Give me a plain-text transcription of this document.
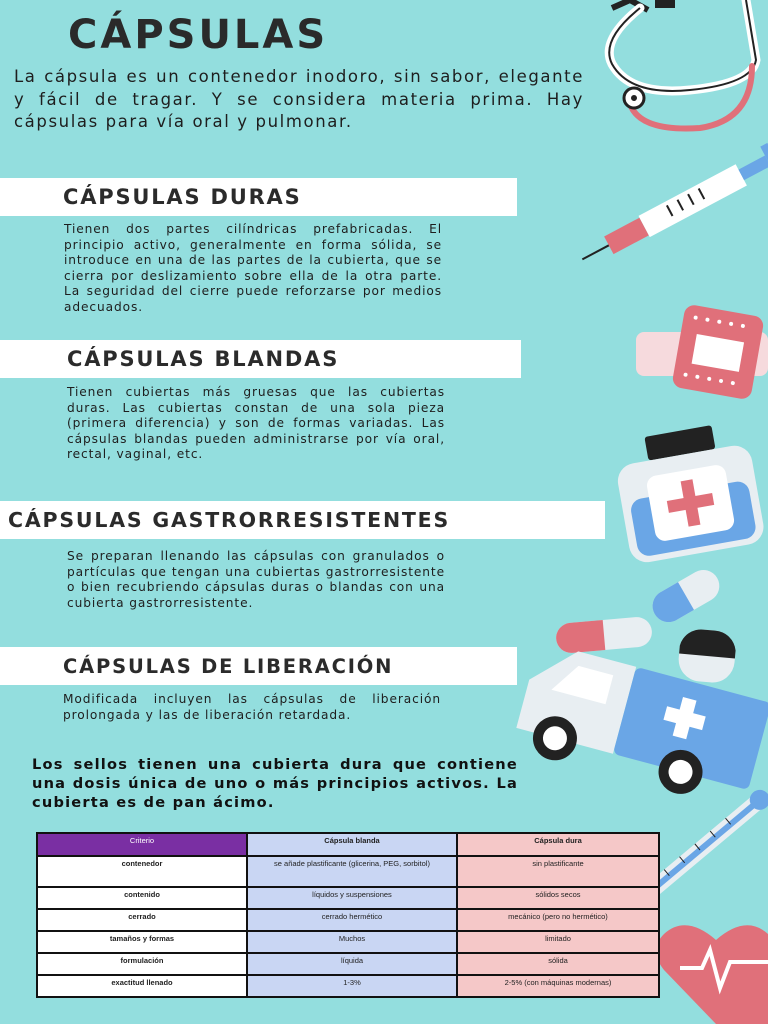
CÁPSULAS
La cápsula es un contenedor inodoro, sin sabor, elegante y fácil de tragar. Y se considera materia prima. Hay cápsulas para vía oral y pulmonar.
CÁPSULAS DURAS
Tienen dos partes cilíndricas prefabricadas. El principio activo, generalmente en forma sólida, se introduce en una de las partes de la cubierta, que se cierra por deslizamiento sobre ella de la otra parte. La seguridad del cierre puede reforzarse por medios adecuados.
CÁPSULAS BLANDAS
Tienen cubiertas más gruesas que las cubiertas duras. Las cubiertas constan de una sola pieza (primera diferencia) y son de formas variadas. Las cápsulas blandas pueden administrarse por vía oral, rectal, vaginal, etc.
CÁPSULAS GASTRORRESISTENTES
Se preparan llenando las cápsulas con granulados o partículas que tengan una cubiertas gastrorresistente o bien recubriendo cápsulas duras o blandas con una cubierta gastrorresistente.
CÁPSULAS DE LIBERACIÓN
Modificada incluyen las cápsulas de liberación prolongada y las de liberación retardada.
Los sellos tienen una cubierta dura que contiene una dosis única de uno o más principios activos. La cubierta es de pan ácimo.
Criterio	Cápsula blanda	Cápsula dura
contenedor	se añade plastificante (glicerina, PEG, sorbitol)	sin plastificante
contenido	líquidos y suspensiones	sólidos secos
cerrado	cerrado hermético	mecánico (pero no hermético)
tamaños y formas	Muchos	limitado
formulación	líquida	sólida
exactitud llenado	1-3%	2-5% (con máquinas modernas)
